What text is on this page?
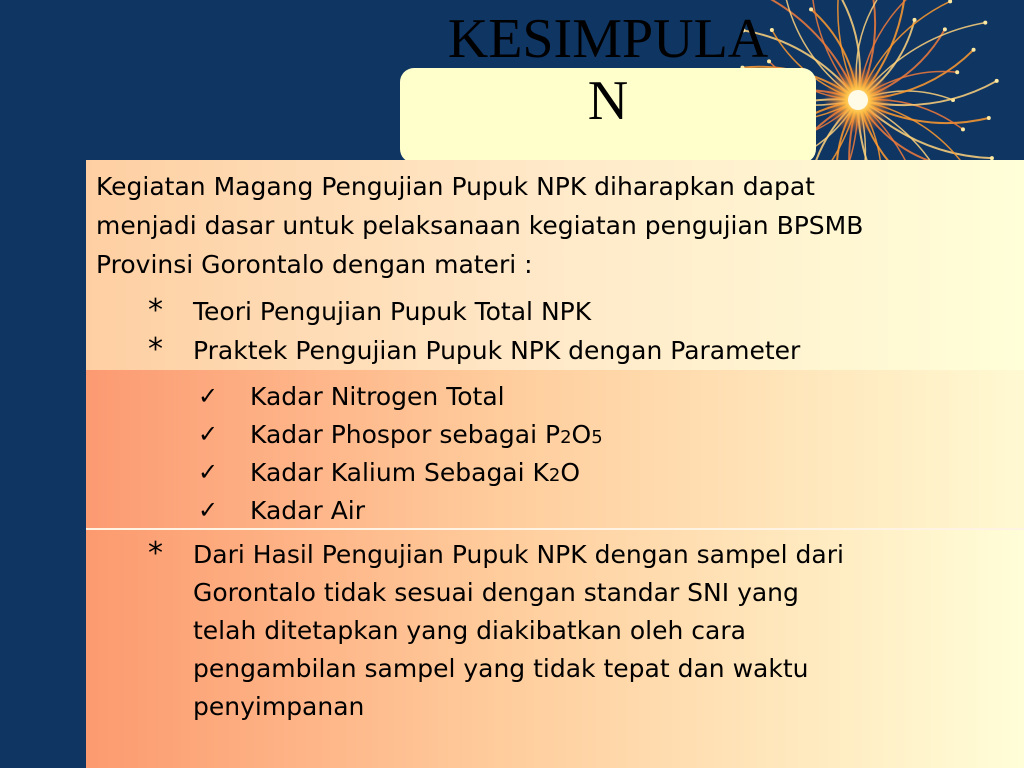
KESIMPULA
N
Kegiatan Magang Pengujian Pupuk NPK diharapkan dapat
menjadi dasar untuk pelaksanaan kegiatan pengujian BPSMB
Provinsi Gorontalo dengan materi :
* Teori Pengujian Pupuk Total NPK
* Praktek Pengujian Pupuk NPK dengan Parameter
✓ Kadar Nitrogen Total
✓ Kadar Phospor sebagai P2O5
✓ Kadar Kalium Sebagai K2O
✓ Kadar Air
* Dari Hasil Pengujian Pupuk NPK dengan sampel dari
Gorontalo tidak sesuai dengan standar SNI yang
telah ditetapkan yang diakibatkan oleh cara
pengambilan sampel yang tidak tepat dan waktu
penyimpanan
